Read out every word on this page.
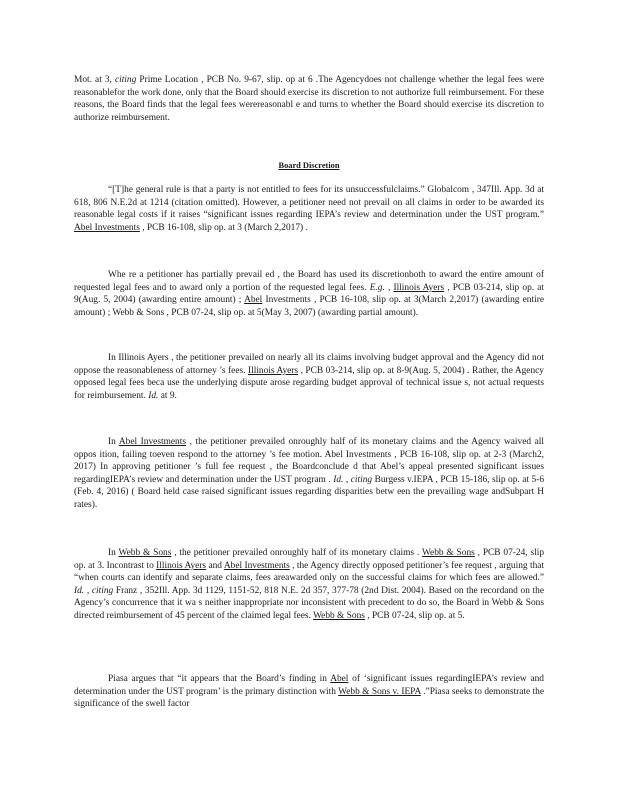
Mot. at 3, citing Prime Location , PCB No. 9-67, slip. op at 6 .The Agencydoes not challenge whether the legal fees were reasonablefor the work done, only that the Board should exercise its discretion to not authorize full reimbursement. For these reasons, the Board finds that the legal fees werereasonabl e and turns to whether the Board should exercise its discretion to authorize reimbursement.

Board Discretion

“[T]he general rule is that a party is not entitled to fees for its unsuccessfulclaims.” Globalcom , 347Ill. App. 3d at 618, 806 N.E.2d at 1214 (citation omitted). However, a petitioner need not prevail on all claims in order to be awarded its reasonable legal costs if it raises “significant issues regarding IEPA’s review and determination under the UST program.” Abel Investments , PCB 16-108, slip op. at 3 (March 2,2017) .

Whe re a petitioner has partially prevail ed , the Board has used its discretionboth to award the entire amount of requested legal fees and to award only a portion of the requested legal fees. E.g. , Illinois Ayers , PCB 03-214, slip op. at 9(Aug. 5, 2004) (awarding entire amount) ; Abel Investments , PCB 16-108, slip op. at 3(March 2,2017) (awarding entire amount) ; Webb & Sons , PCB 07-24, slip op. at 5(May 3, 2007) (awarding partial amount).

In Illinois Ayers , the petitioner prevailed on nearly all its claims involving budget approval and the Agency did not oppose the reasonableness of attorney ’s fees. Illinois Ayers , PCB 03-214, slip op. at 8-9(Aug. 5, 2004) . Rather, the Agency opposed legal fees beca use the underlying dispute arose regarding budget approval of technical issue s, not actual requests for reimbursement. Id. at 9.

In Abel Investments , the petitioner prevailed onroughly half of its monetary claims and the Agency waived all oppos ition, failing toeven respond to the attorney ’s fee motion. Abel Investments , PCB 16-108, slip op. at 2-3 (March2, 2017) In approving petitioner ’s full fee request , the Boardconclude d that Abel’s appeal presented significant issues regardingIEPA’s review and determination under the UST program . Id. , citing Burgess v.IEPA , PCB 15-186, slip op. at 5-6 (Feb. 4, 2016) ( Board held case raised significant issues regarding disparities betw een the prevailing wage andSubpart H rates).

In Webb & Sons , the petitioner prevailed onroughly half of its monetary claims . Webb & Sons , PCB 07-24, slip op. at 3. Incontrast to Illinois Ayers and Abel Investments , the Agency directly opposed petitioner’s fee request , arguing that “when courts can identify and separate claims, fees areawarded only on the successful claims for which fees are allowed.” Id. , citing Franz , 352Ill. App. 3d 1129, 1151-52, 818 N.E. 2d 357, 377-78 (2nd Dist. 2004). Based on the recordand on the Agency’s concurrence that it wa s neither inappropriate nor inconsistent with precedent to do so, the Board in Webb & Sons directed reimbursement of 45 percent of the claimed legal fees. Webb & Sons , PCB 07-24, slip op. at 5.

Piasa argues that “it appears that the Board’s finding in Abel of ‘significant issues regardingIEPA’s review and determination under the UST program’ is the primary distinction with Webb & Sons v. IEPA .”Piasa seeks to demonstrate the significance of the swell factor
